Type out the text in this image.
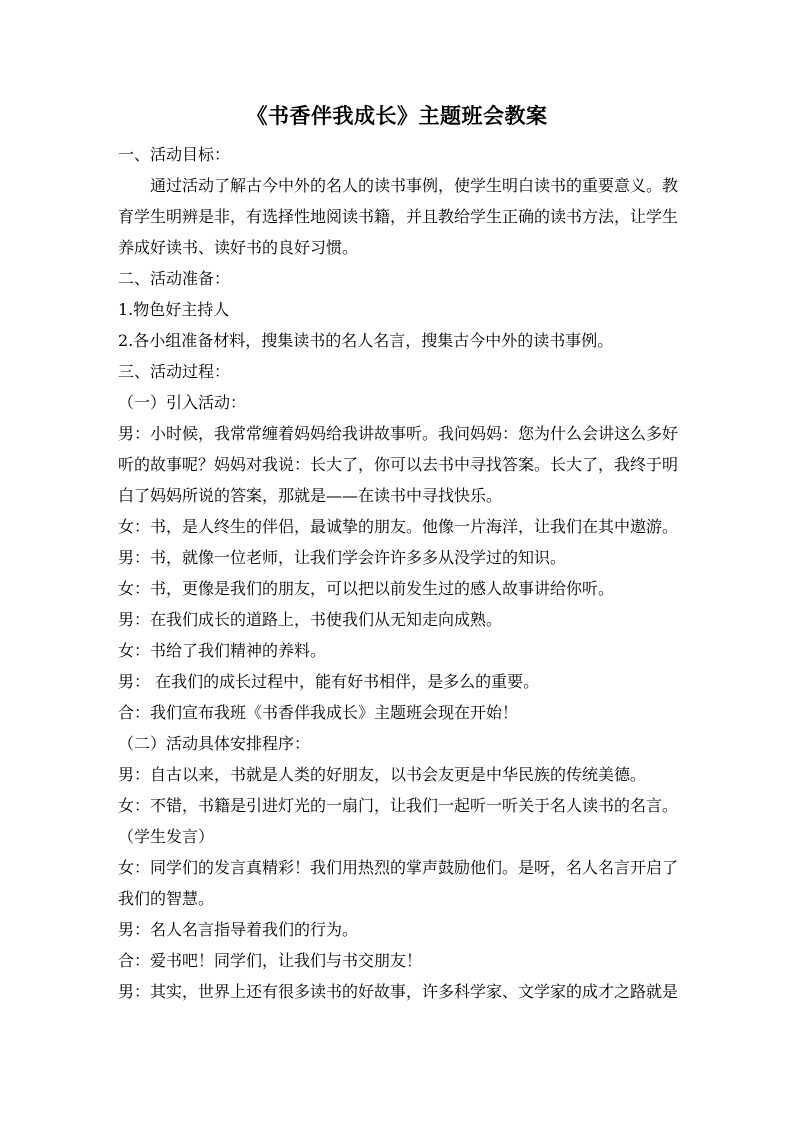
《书香伴我成长》主题班会教案

一、活动目标：

通过活动了解古今中外的名人的读书事例，使学生明白读书的重要意义。教育学生明辨是非，有选择性地阅读书籍，并且教给学生正确的读书方法，让学生养成好读书、读好书的良好习惯。

二、活动准备：

1.物色好主持人

2.各小组准备材料，搜集读书的名人名言，搜集古今中外的读书事例。

三、活动过程：

（一）引入活动：

男：小时候，我常常缠着妈妈给我讲故事听。我问妈妈：您为什么会讲这么多好听的故事呢？妈妈对我说：长大了，你可以去书中寻找答案。长大了，我终于明白了妈妈所说的答案，那就是——在读书中寻找快乐。

女：书，是人终生的伴侣，最诚挚的朋友。他像一片海洋，让我们在其中遨游。

男：书，就像一位老师，让我们学会许许多多从没学过的知识。

女：书，更像是我们的朋友，可以把以前发生过的感人故事讲给你听。

男：在我们成长的道路上，书使我们从无知走向成熟。

女：书给了我们精神的养料。

男： 在我们的成长过程中，能有好书相伴，是多么的重要。

合：我们宣布我班《书香伴我成长》主题班会现在开始！

（二）活动具体安排程序：

男：自古以来，书就是人类的好朋友，以书会友更是中华民族的传统美德。

女：不错，书籍是引进灯光的一扇门，让我们一起听一听关于名人读书的名言。

（学生发言）

女：同学们的发言真精彩！我们用热烈的掌声鼓励他们。是呀，名人名言开启了我们的智慧。

男：名人名言指导着我们的行为。

合：爱书吧！同学们，让我们与书交朋友！

男：其实，世界上还有很多读书的好故事，许多科学家、文学家的成才之路就是
